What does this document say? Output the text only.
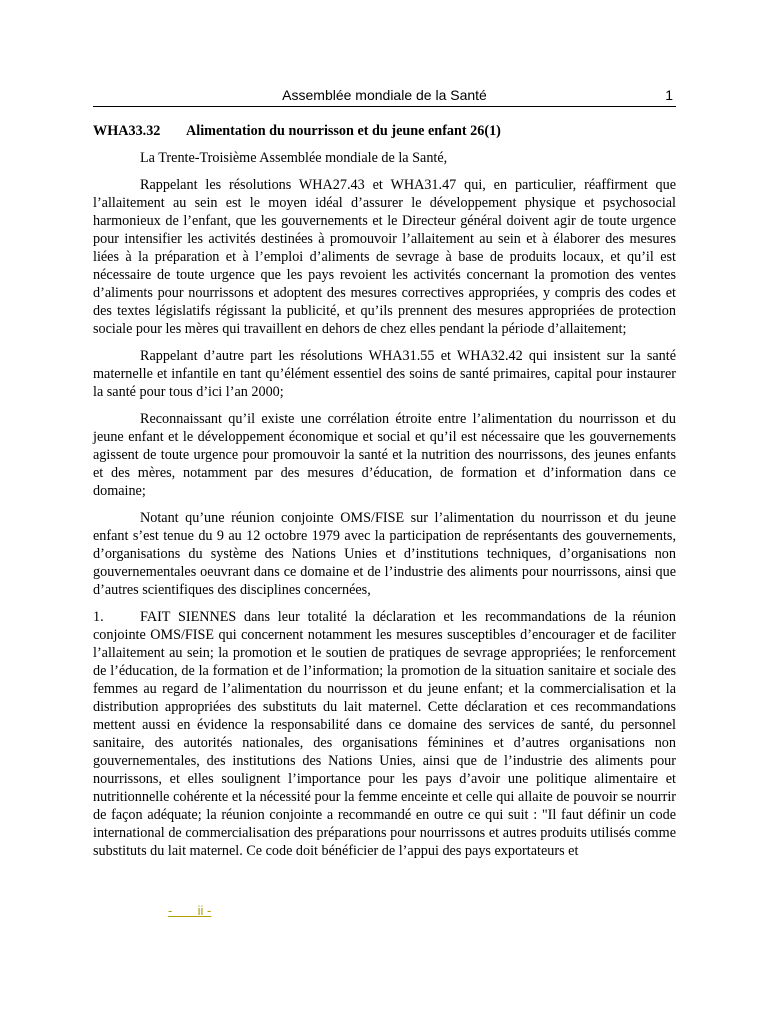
Assemblée mondiale de la Santé	1
WHA33.32 Alimentation du nourrisson et du jeune enfant 26(1)

La Trente-Troisième Assemblée mondiale de la Santé,

Rappelant les résolutions WHA27.43 et WHA31.47 qui, en particulier, réaffirment que l’allaitement au sein est le moyen idéal d’assurer le développement physique et psychosocial harmonieux de l’enfant, que les gouvernements et le Directeur général doivent agir de toute urgence pour intensifier les activités destinées à promouvoir l’allaitement au sein et à élaborer des mesures liées à la préparation et à l’emploi d’aliments de sevrage à base de produits locaux, et qu’il est nécessaire de toute urgence que les pays revoient les activités concernant la promotion des ventes d’aliments pour nourrissons et adoptent des mesures correctives appropriées, y compris des codes et des textes législatifs régissant la publicité, et qu’ils prennent des mesures appropriées de protection sociale pour les mères qui travaillent en dehors de chez elles pendant la période d’allaitement;

Rappelant d’autre part les résolutions WHA31.55 et WHA32.42 qui insistent sur la santé maternelle et infantile en tant qu’élément essentiel des soins de santé primaires, capital pour instaurer la santé pour tous d’ici l’an 2000;

Reconnaissant qu’il existe une corrélation étroite entre l’alimentation du nourrisson et du jeune enfant et le développement économique et social et qu’il est nécessaire que les gouvernements agissent de toute urgence pour promouvoir la santé et la nutrition des nourrissons, des jeunes enfants et des mères, notamment par des mesures d’éducation, de formation et d’information dans ce domaine;

Notant qu’une réunion conjointe OMS/FISE sur l’alimentation du nourrisson et du jeune enfant s’est tenue du 9 au 12 octobre 1979 avec la participation de représentants des gouvernements, d’organisations du système des Nations Unies et d’institutions techniques, d’organisations non gouvernementales oeuvrant dans ce domaine et de l’industrie des aliments pour nourrissons, ainsi que d’autres scientifiques des disciplines concernées,

1.	FAIT SIENNES dans leur totalité la déclaration et les recommandations de la réunion conjointe OMS/FISE qui concernent notamment les mesures susceptibles d’encourager et de faciliter l’allaitement au sein; la promotion et le soutien de pratiques de sevrage appropriées; le renforcement de l’éducation, de la formation et de l’information; la promotion de la situation sanitaire et sociale des femmes au regard de l’alimentation du nourrisson et du jeune enfant; et la commercialisation et la distribution appropriées des substituts du lait maternel. Cette déclaration et ces recommandations mettent aussi en évidence la responsabilité dans ce domaine des services de santé, du personnel sanitaire, des autorités nationales, des organisations féminines et d’autres organisations non gouvernementales, des institutions des Nations Unies, ainsi que de l’industrie des aliments pour nourrissons, et elles soulignent l’importance pour les pays d’avoir une politique alimentaire et nutritionnelle cohérente et la nécessité pour la femme enceinte et celle qui allaite de pouvoir se nourrir de façon adéquate; la réunion conjointe a recommandé en outre ce qui suit : "Il faut définir un code international de commercialisation des préparations pour nourrissons et autres produits utilisés comme substituts du lait maternel. Ce code doit bénéficier de l’appui des pays exportateurs et

-       ii -
